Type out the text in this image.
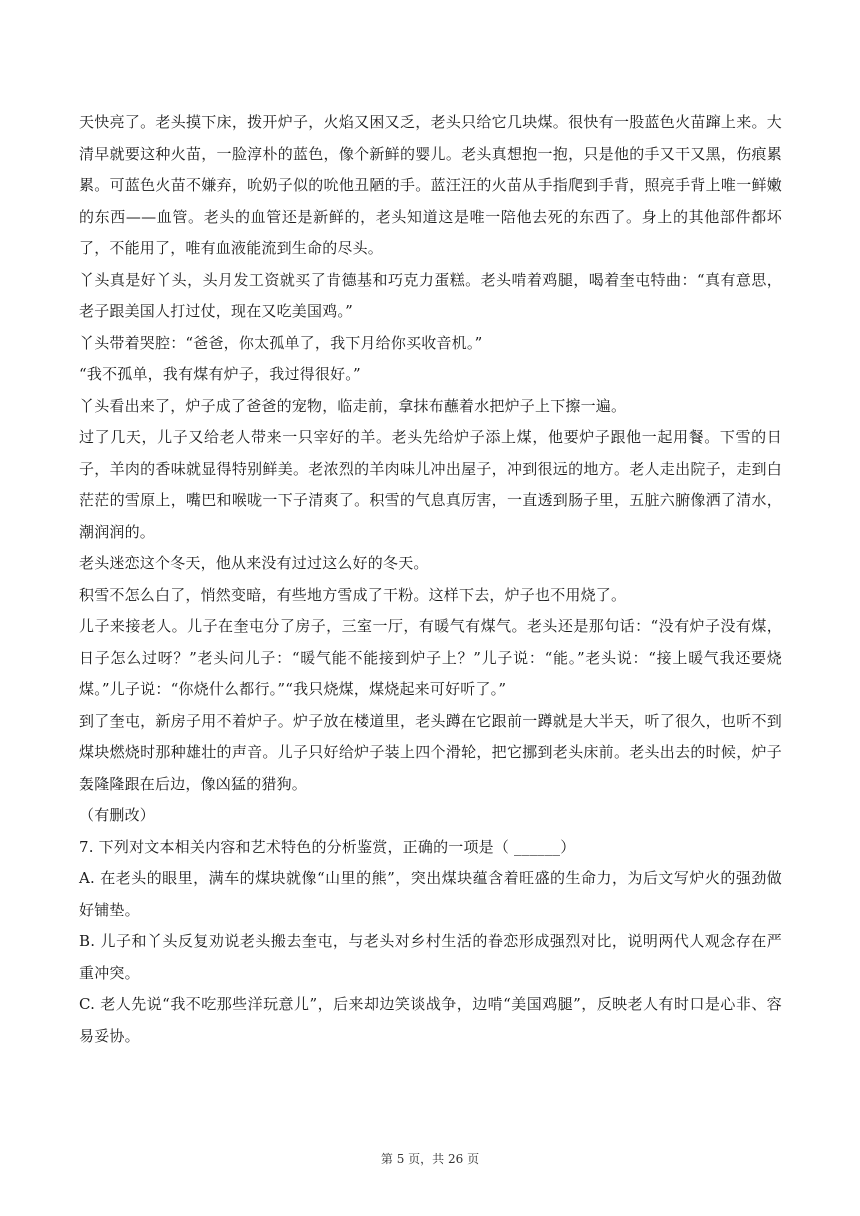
天快亮了。老头摸下床，拨开炉子，火焰又困又乏，老头只给它几块煤。很快有一股蓝色火苗蹿上来。大清早就要这种火苗，一脸淳朴的蓝色，像个新鲜的婴儿。老头真想抱一抱，只是他的手又干又黑，伤痕累累。可蓝色火苗不嫌弃，吮奶子似的吮他丑陋的手。蓝汪汪的火苗从手指爬到手背，照亮手背上唯一鲜嫩的东西——血管。老头的血管还是新鲜的，老头知道这是唯一陪他去死的东西了。身上的其他部件都坏了，不能用了，唯有血液能流到生命的尽头。

丫头真是好丫头，头月发工资就买了肯德基和巧克力蛋糕。老头啃着鸡腿，喝着奎屯特曲：“真有意思，老子跟美国人打过仗，现在又吃美国鸡。”

丫头带着哭腔：“爸爸，你太孤单了，我下月给你买收音机。”

“我不孤单，我有煤有炉子，我过得很好。”

丫头看出来了，炉子成了爸爸的宠物，临走前，拿抹布蘸着水把炉子上下擦一遍。

过了几天，儿子又给老人带来一只宰好的羊。老头先给炉子添上煤，他要炉子跟他一起用餐。下雪的日子，羊肉的香味就显得特别鲜美。老浓烈的羊肉味儿冲出屋子，冲到很远的地方。老人走出院子，走到白茫茫的雪原上，嘴巴和喉咙一下子清爽了。积雪的气息真厉害，一直透到肠子里，五脏六腑像洒了清水，潮润润的。

老头迷恋这个冬天，他从来没有过过这么好的冬天。

积雪不怎么白了，悄然变暗，有些地方雪成了干粉。这样下去，炉子也不用烧了。

儿子来接老人。儿子在奎屯分了房子，三室一厅，有暖气有煤气。老头还是那句话：“没有炉子没有煤，日子怎么过呀？”老头问儿子：“暖气能不能接到炉子上？”儿子说：“能。”老头说：“接上暖气我还要烧煤。”儿子说：“你烧什么都行。”“我只烧煤，煤烧起来可好听了。”

到了奎屯，新房子用不着炉子。炉子放在楼道里，老头蹲在它跟前一蹲就是大半天，听了很久，也听不到煤块燃烧时那种雄壮的声音。儿子只好给炉子装上四个滑轮，把它挪到老头床前。老头出去的时候，炉子轰隆隆跟在后边，像凶猛的猎狗。

（有删改）

7. 下列对文本相关内容和艺术特色的分析鉴赏，正确的一项是（ ______）

A. 在老头的眼里，满车的煤块就像“山里的熊”，突出煤块蕴含着旺盛的生命力，为后文写炉火的强劲做好铺垫。

B. 儿子和丫头反复劝说老头搬去奎屯，与老头对乡村生活的眷恋形成强烈对比，说明两代人观念存在严重冲突。

C. 老人先说“我不吃那些洋玩意儿”，后来却边笑谈战争，边啃“美国鸡腿”，反映老人有时口是心非、容易妥协。

第 5 页，共 26 页
